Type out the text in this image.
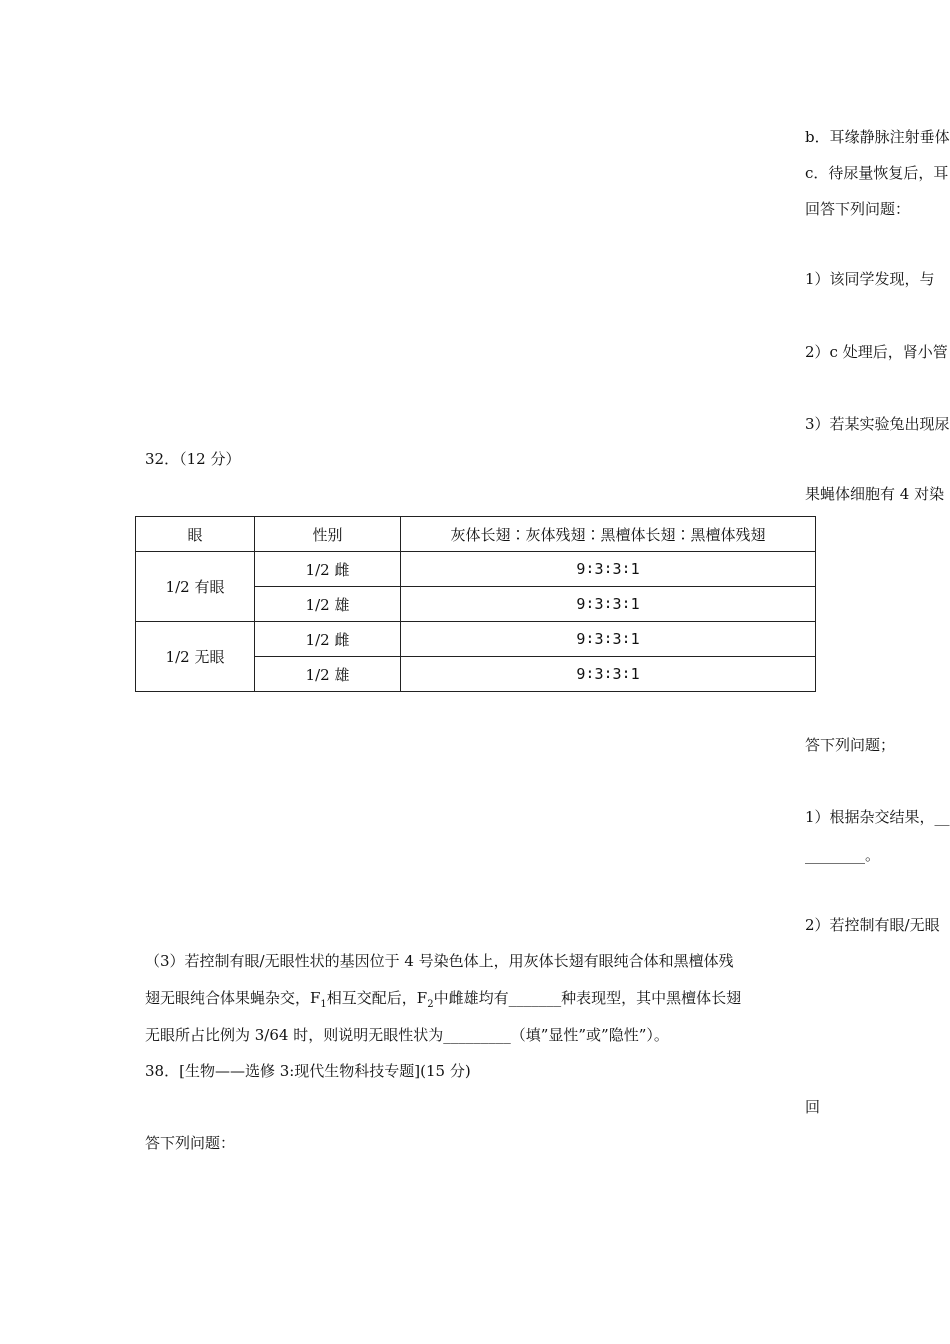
b．耳缘静脉注射垂体
c．待尿量恢复后，耳
回答下列问题：
1）该同学发现，与
2）c 处理后，肾小管
3）若某实验兔出现尿
32．（12 分）
果蝇体细胞有 4 对染
眼	性别	灰体长翅∶灰体残翅∶黑檀体长翅∶黑檀体残翅
1/2 有眼	1/2 雌	9∶3∶3∶1
	1/2 雄	9∶3∶3∶1
1/2 无眼	1/2 雌	9∶3∶3∶1
	1/2 雄	9∶3∶3∶1
答下列问题；
1）根据杂交结果，__
________。
2）若控制有眼/无眼
（3）若控制有眼/无眼性状的基因位于 4 号染色体上，用灰体长翅有眼纯合体和黑檀体残
翅无眼纯合体果蝇杂交，$F_1$相互交配后，$F_2$中雌雄均有_______种表现型，其中黑檀体长翅
无眼所占比例为 3/64 时，则说明无眼性状为_________（填”显性”或”隐性”）。
38．[生物——选修 3:现代生物科技专题](15 分)
回
答下列问题：
